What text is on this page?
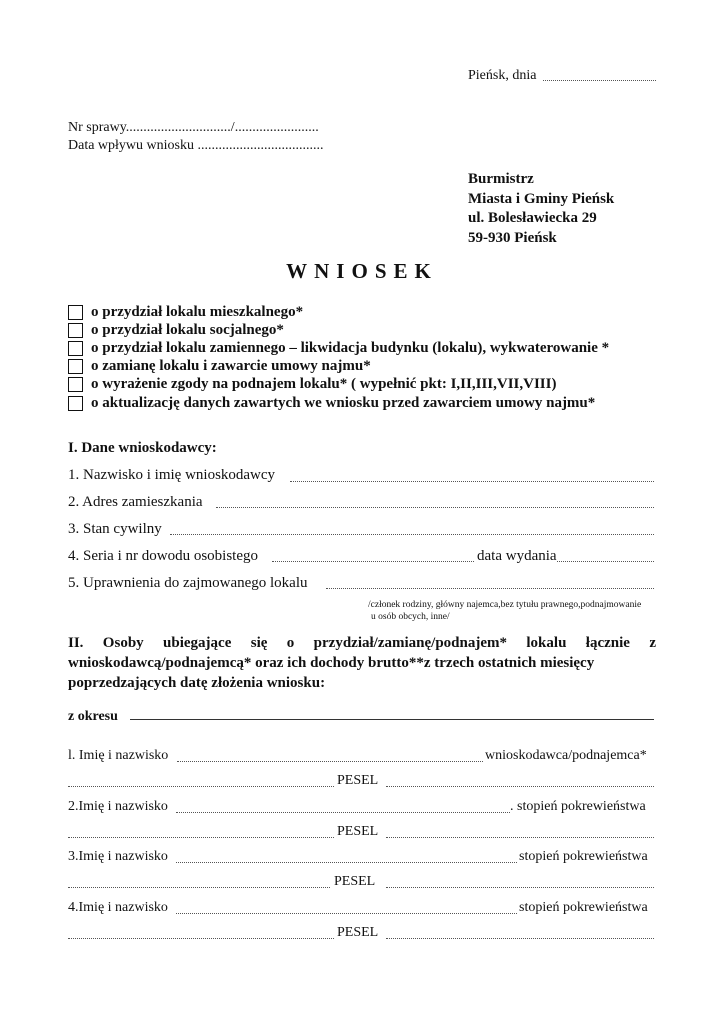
Pieńsk, dnia
Nr sprawy............................../........................
Data wpływu wniosku ....................................
Burmistrz
Miasta i Gminy Pieńsk
ul. Bolesławiecka 29
59-930 Pieńsk
WNIOSEK
o przydział lokalu mieszkalnego*
o przydział lokalu socjalnego*
o przydział lokalu zamiennego – likwidacja budynku (lokalu), wykwaterowanie *
o zamianę lokalu i zawarcie umowy najmu*
o wyrażenie zgody na podnajem lokalu* ( wypełnić pkt: I,II,III,VII,VIII)
o aktualizację danych zawartych we wniosku przed zawarciem umowy najmu*
I. Dane wnioskodawcy:
1. Nazwisko i imię wnioskodawcy
2. Adres zamieszkania
3. Stan cywilny
4. Seria i nr dowodu osobistego	data wydania
5. Uprawnienia do zajmowanego lokalu
/członek rodziny, główny najemca,bez tytułu prawnego,podnajmowanie
u osób obcych, inne/
II. Osoby ubiegające się o przydział/zamianę/podnajem* lokalu łącznie z wnioskodawcą/podnajemcą* oraz ich dochody brutto**z trzech ostatnich miesięcy
poprzedzających datę złożenia wniosku:
z okresu
l. Imię i nazwisko	wnioskodawca/podnajemca*
PESEL
2.Imię i nazwisko	. stopień pokrewieństwa
PESEL
3.Imię i nazwisko	stopień pokrewieństwa
PESEL
4.Imię i nazwisko	stopień pokrewieństwa
PESEL
